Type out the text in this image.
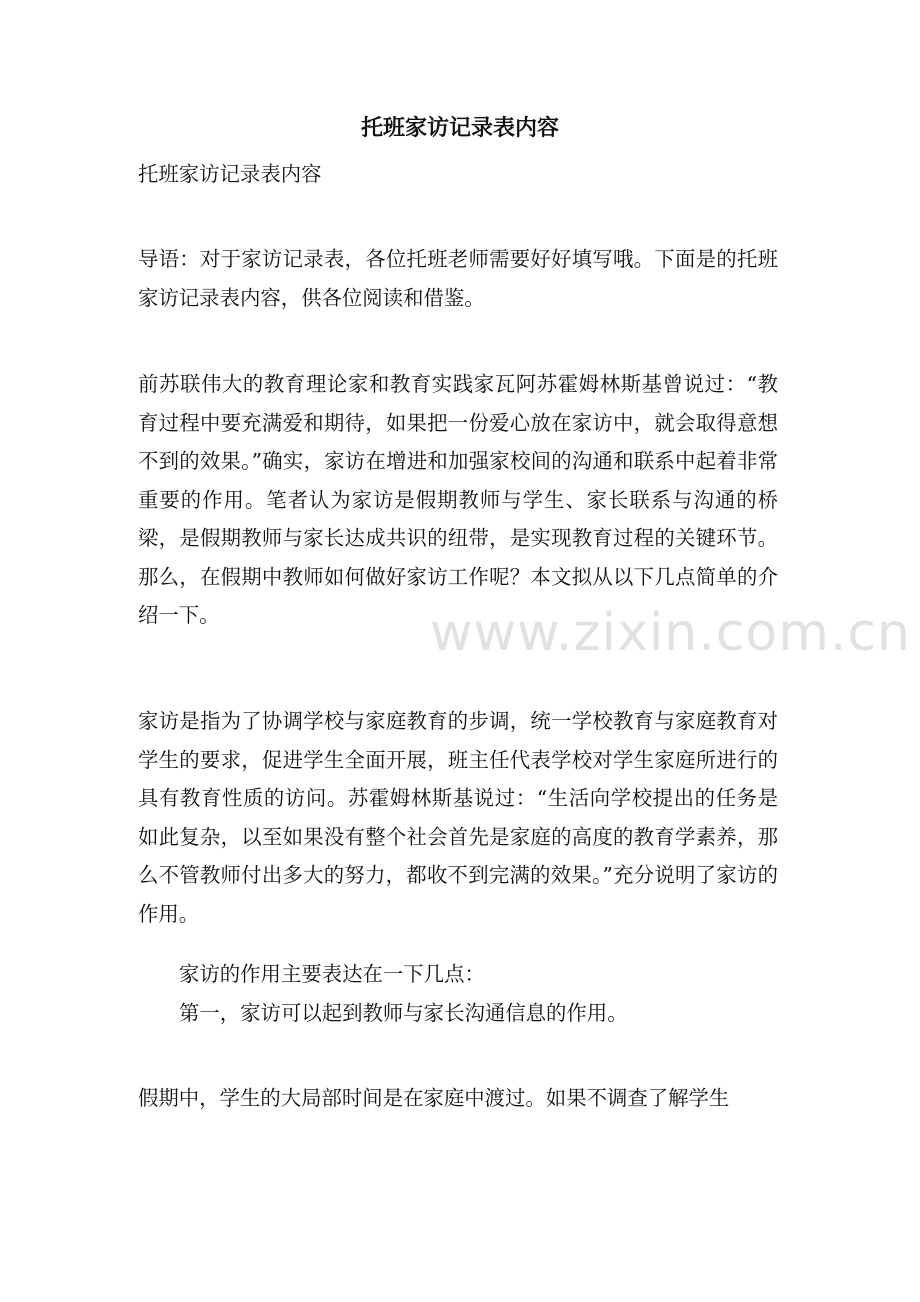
托班家访记录表内容
托班家访记录表内容
导语：对于家访记录表，各位托班老师需要好好填写哦。下面是的托班家访记录表内容，供各位阅读和借鉴。
前苏联伟大的教育理论家和教育实践家瓦阿苏霍姆林斯基曾说过：“教育过程中要充满爱和期待，如果把一份爱心放在家访中，就会取得意想不到的效果。”确实，家访在增进和加强家校间的沟通和联系中起着非常重要的作用。笔者认为家访是假期教师与学生、家长联系与沟通的桥梁，是假期教师与家长达成共识的纽带，是实现教育过程的关键环节。那么，在假期中教师如何做好家访工作呢？本文拟从以下几点简单的介绍一下。
家访是指为了协调学校与家庭教育的步调，统一学校教育与家庭教育对学生的要求，促进学生全面开展，班主任代表学校对学生家庭所进行的具有教育性质的访问。苏霍姆林斯基说过：“生活向学校提出的任务是如此复杂，以至如果没有整个社会首先是家庭的高度的教育学素养，那么不管教师付出多大的努力，都收不到完满的效果。”充分说明了家访的作用。
家访的作用主要表达在一下几点：
第一，家访可以起到教师与家长沟通信息的作用。
假期中，学生的大局部时间是在家庭中渡过。如果不调查了解学生
www.zixin.com.cn
